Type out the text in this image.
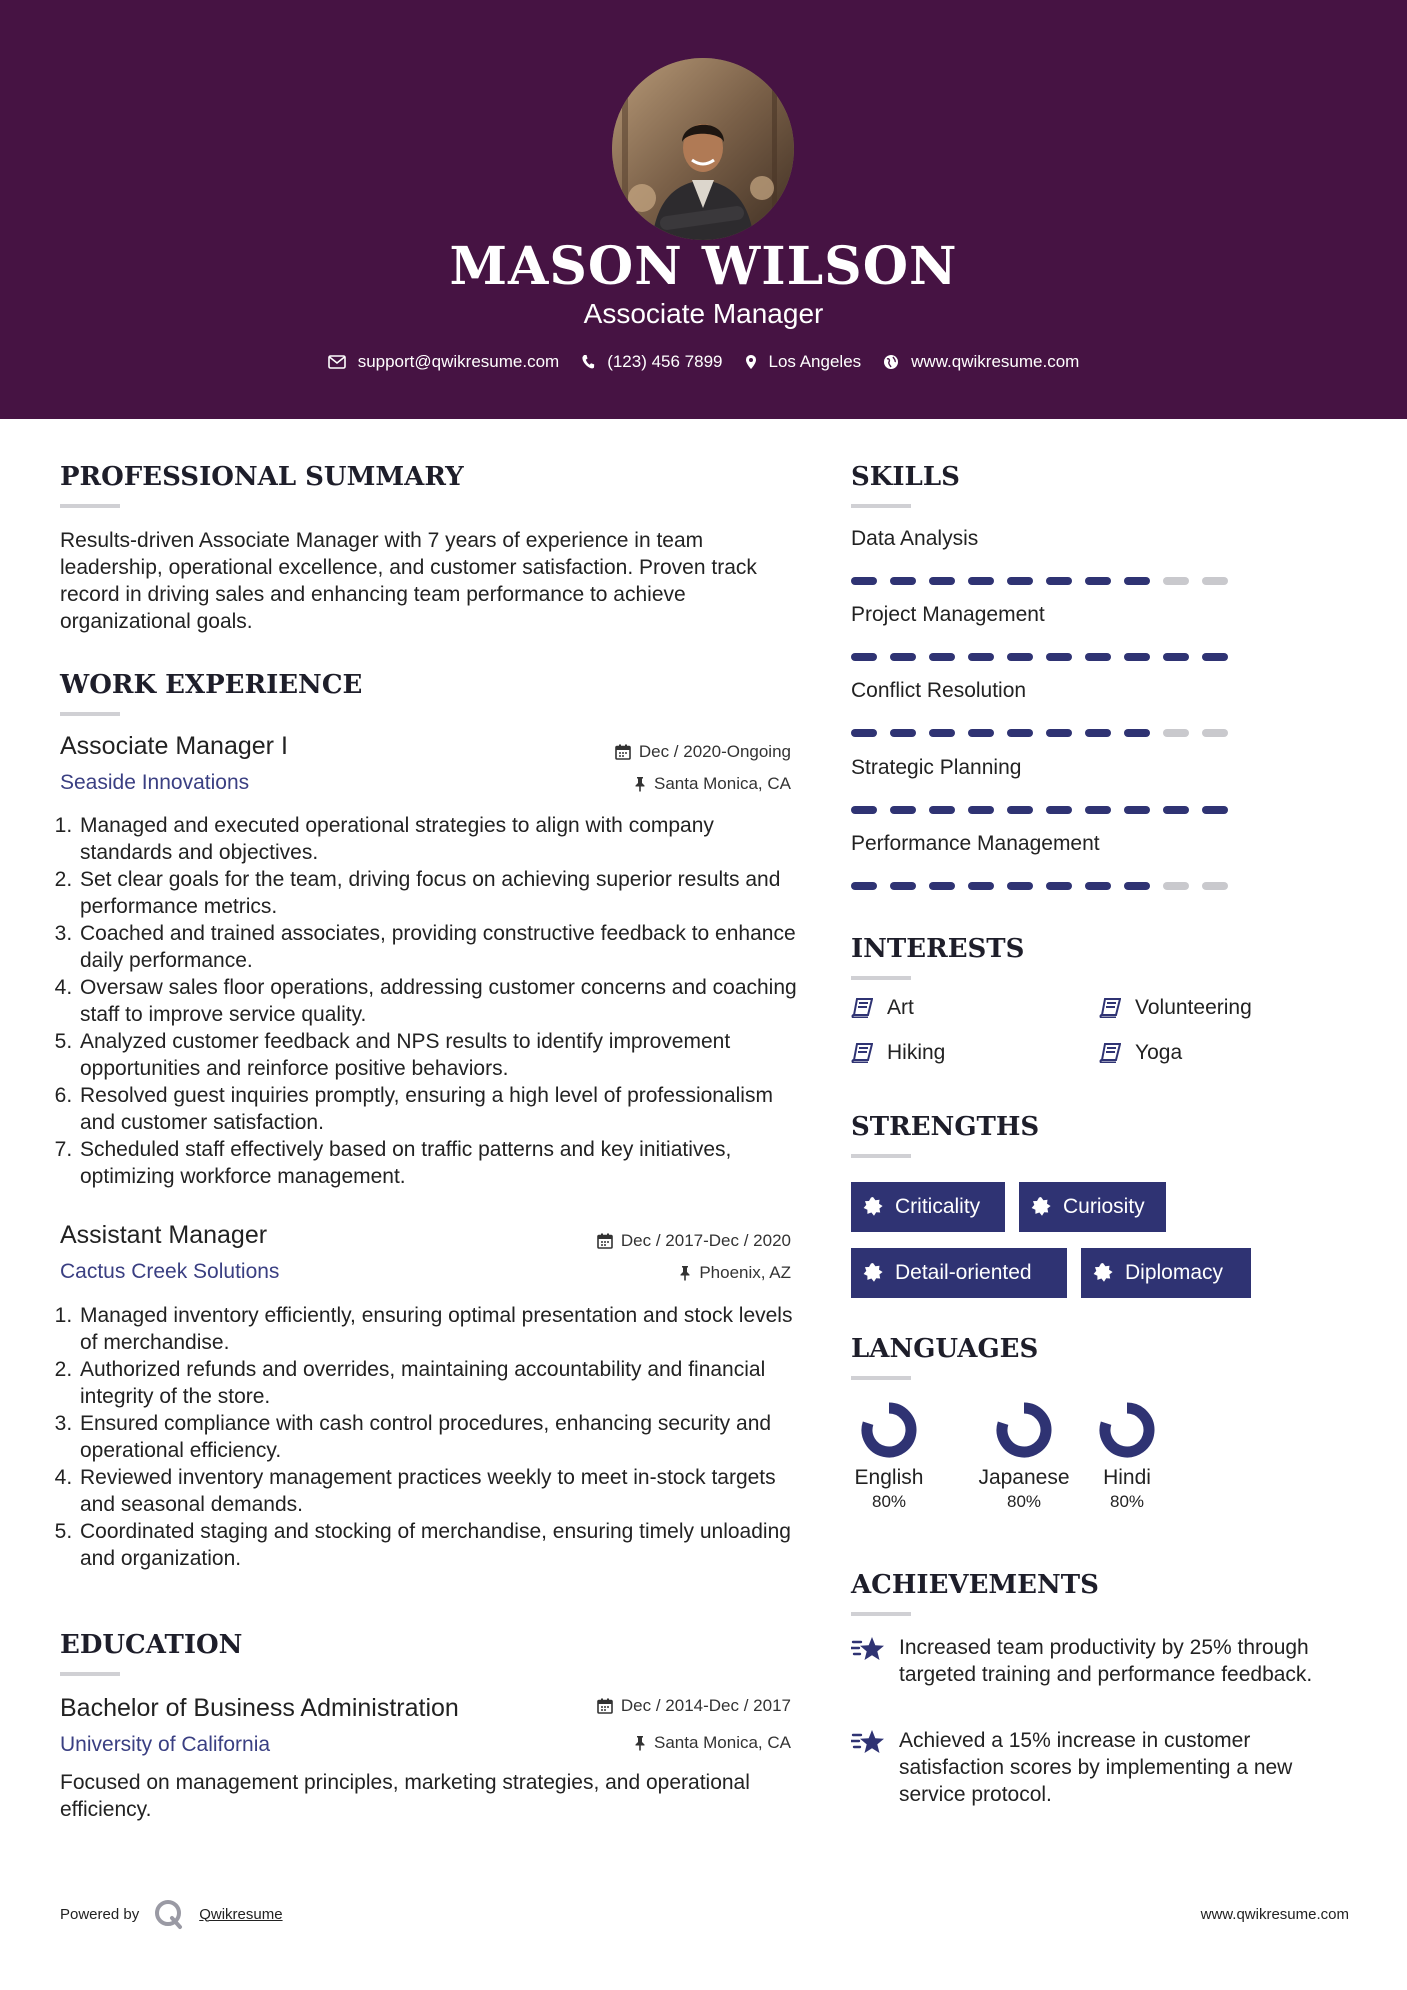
MASON WILSON
Associate Manager
support@qwikresume.com	(123) 456 7899	Los Angeles	www.qwikresume.com
PROFESSIONAL SUMMARY

Results-driven Associate Manager with 7 years of experience in team leadership, operational excellence, and customer satisfaction. Proven track record in driving sales and enhancing team performance to achieve organizational goals.

WORK EXPERIENCE
Associate Manager I
Seaside Innovations
Dec / 2020-Ongoing
Santa Monica, CA
1. Managed and executed operational strategies to align with company standards and objectives.
2. Set clear goals for the team, driving focus on achieving superior results and performance metrics.
3. Coached and trained associates, providing constructive feedback to enhance daily performance.
4. Oversaw sales floor operations, addressing customer concerns and coaching staff to improve service quality.
5. Analyzed customer feedback and NPS results to identify improvement opportunities and reinforce positive behaviors.
6. Resolved guest inquiries promptly, ensuring a high level of professionalism and customer satisfaction.
7. Scheduled staff effectively based on traffic patterns and key initiatives, optimizing workforce management.
Assistant Manager
Cactus Creek Solutions
Dec / 2017-Dec / 2020
Phoenix, AZ
1. Managed inventory efficiently, ensuring optimal presentation and stock levels of merchandise.
2. Authorized refunds and overrides, maintaining accountability and financial integrity of the store.
3. Ensured compliance with cash control procedures, enhancing security and operational efficiency.
4. Reviewed inventory management practices weekly to meet in-stock targets and seasonal demands.
5. Coordinated staging and stocking of merchandise, ensuring timely unloading and organization.
EDUCATION
Bachelor of Business Administration
University of California
Dec / 2014-Dec / 2017
Santa Monica, CA

Focused on management principles, marketing strategies, and operational efficiency.

SKILLS
Data Analysis
Project Management
Conflict Resolution
Strategic Planning
Performance Management
INTERESTS
Art	Volunteering
Hiking	Yoga
STRENGTHS
Criticality	Curiosity
Detail-oriented	Diplomacy
LANGUAGES
English
80%
Japanese
80%
Hindi
80%
ACHIEVEMENTS
Increased team productivity by 25% through targeted training and performance feedback.
Achieved a 15% increase in customer satisfaction scores by implementing a new service protocol.
Powered by	Qwikresume	www.qwikresume.com
